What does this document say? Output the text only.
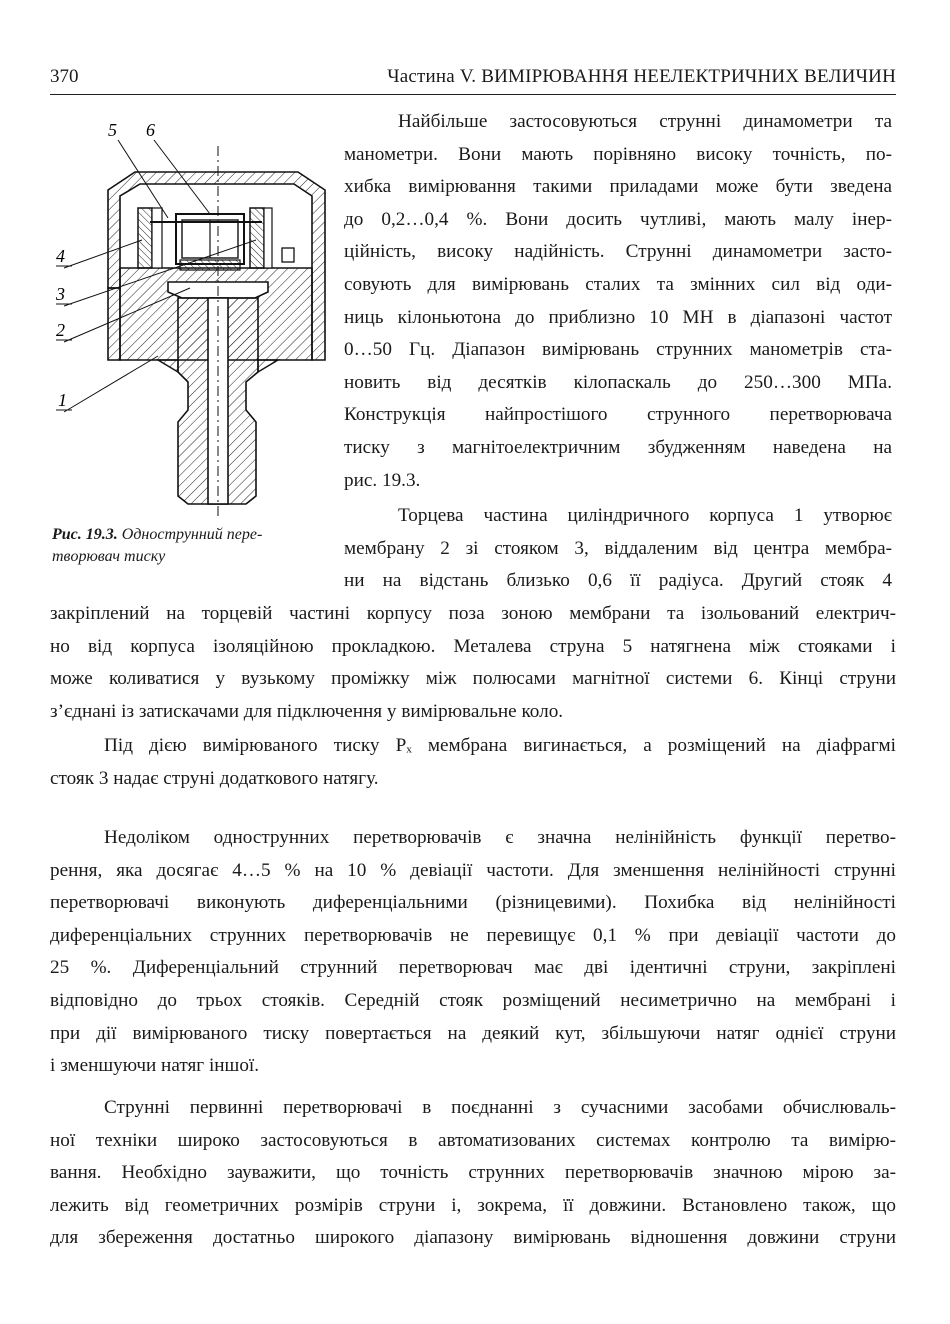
370	Частина V. ВИМІРЮВАННЯ НЕЕЛЕКТРИЧНИХ ВЕЛИЧИН
5 6
4
3
2
1
Рис. 19.3. Однострунний пере-твoрювач тиску
Найбільше застосовуються струнні динамометри та
манометри. Вони мають порівняно високу точність, по-
хибка вимірювання такими приладами може бути зведена
до 0,2…0,4 %. Вони досить чутливі, мають малу інер-
ційність, високу надійність. Струнні динамометри засто-
совують для вимірювань сталих та змінних сил від оди-
ниць кілоньютона до приблизно 10 МН в діапазоні частот
0…50 Гц. Діапазон вимірювань струнних манометрів ста-
новить від десятків кілопаскаль до 250…300 МПа.
Конструкція найпростішого струнного перетворювача
тиску з магнітоелектричним збудженням наведена на
рис. 19.3.
Торцева частина циліндричного корпуса 1 утворює
мембрану 2 зі стояком 3, віддаленим від центра мембра-
ни на відстань близько 0,6 її радіуса. Другий стояк 4
закріплений на торцевій частині корпусу поза зоною мембрани та ізольований електрич-
но від корпуса ізоляційною прокладкою. Металева струна 5 натягнена між стояками і
може коливатися у вузькому проміжку між полюсами магнітної системи 6. Кінці струни
з’єднані із затискачами для підключення у вимірювальне коло.
Під дією вимірюваного тиску Pₓ мембрана вигинається, а розміщений на діафрагмі
стояк 3 надає струні додаткового натягу.
Недоліком однострунних перетворювачів є значна нелінійність функції перетво-
рення, яка досягає 4…5 % на 10 % девіації частоти. Для зменшення нелінійності струнні
перетворювачі виконують диференціальними (різницевими). Похибка від нелінійності
диференціальних струнних перетворювачів не перевищує 0,1 % при девіації частоти до
25 %. Диференціальний струнний перетворювач має дві ідентичні струни, закріплені
відповідно до трьох стояків. Середній стояк розміщений несиметрично на мембрані і
при дії вимірюваного тиску повертається на деякий кут, збільшуючи натяг однієї струни
і зменшуючи натяг іншої.
Струнні первинні перетворювачі в поєднанні з сучасними засобами обчислюваль-
ної техніки широко застосовуються в автоматизованих системах контролю та вимірю-
вання. Необхідно зауважити, що точність струнних перетворювачів значною мірою за-
лежить від геометричних розмірів струни і, зокрема, її довжини. Встановлено також, що
для збереження достатньо широкого діапазону вимірювань відношення довжини струни
